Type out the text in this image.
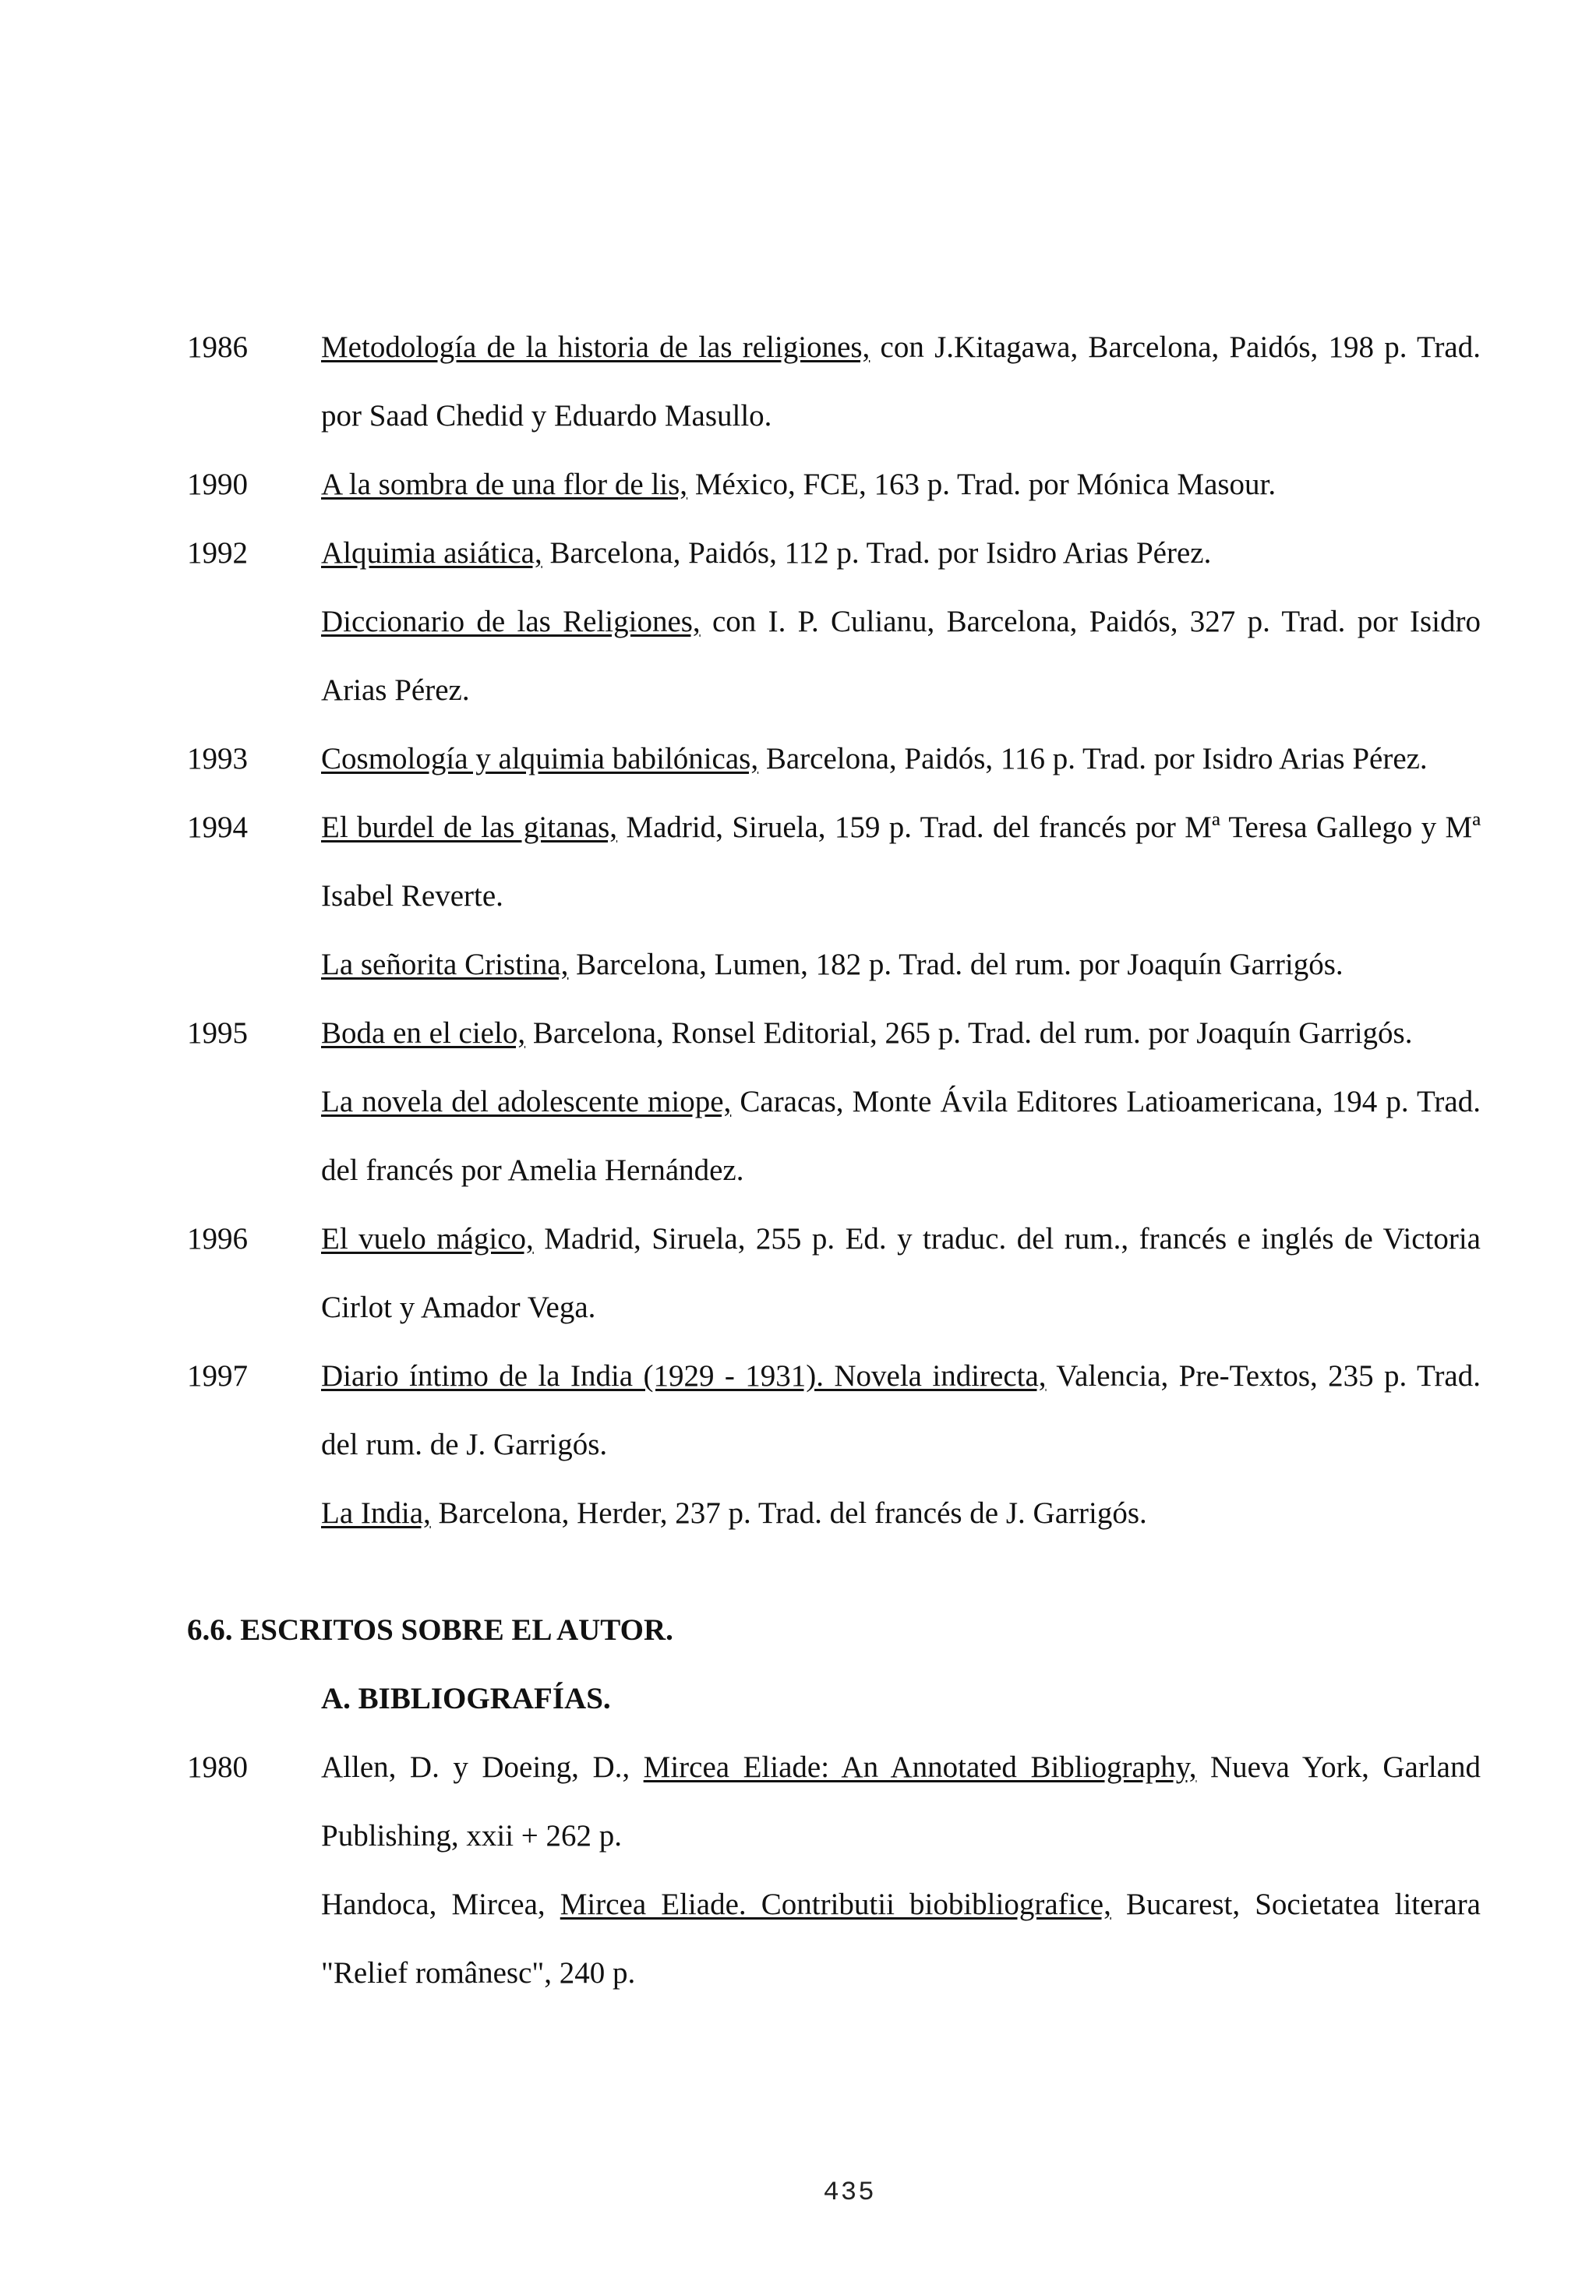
1986	Metodología de la historia de las religiones, con J.Kitagawa, Barcelona, Paidós, 198 p. Trad. por Saad Chedid y Eduardo Masullo.
1990	A la sombra de una flor de lis, México, FCE, 163 p. Trad. por Mónica Masour.
1992	Alquimia asiática, Barcelona, Paidós, 112 p. Trad. por Isidro Arias Pérez.
Diccionario de las Religiones, con I. P. Culianu, Barcelona, Paidós, 327 p. Trad. por Isidro Arias Pérez.
1993	Cosmología y alquimia babilónicas, Barcelona, Paidós, 116 p. Trad. por Isidro Arias Pérez.
1994	El burdel de las gitanas, Madrid, Siruela, 159 p. Trad. del francés por Mª Teresa Gallego y Mª Isabel Reverte.
La señorita Cristina, Barcelona, Lumen, 182 p. Trad. del rum. por Joaquín Garrigós.
1995	Boda en el cielo, Barcelona, Ronsel Editorial, 265 p. Trad. del rum. por Joaquín Garrigós.
La novela del adolescente miope, Caracas, Monte Ávila Editores Latioamericana, 194 p. Trad. del francés por Amelia Hernández.
1996	El vuelo mágico, Madrid, Siruela, 255 p. Ed. y traduc. del rum., francés e inglés de Victoria Cirlot y Amador Vega.
1997	Diario íntimo de la India (1929 - 1931). Novela indirecta, Valencia, Pre-Textos, 235 p. Trad. del rum. de J. Garrigós.
La India, Barcelona, Herder, 237 p. Trad. del francés de J. Garrigós.
6.6. ESCRITOS SOBRE EL AUTOR.
A. BIBLIOGRAFÍAS.
1980	Allen, D. y Doeing, D., Mircea Eliade: An Annotated Bibliography, Nueva York, Garland Publishing, xxii + 262 p.
Handoca, Mircea, Mircea Eliade. Contributii biobibliografice, Bucarest, Societatea literara "Relief românesc", 240 p.
435
